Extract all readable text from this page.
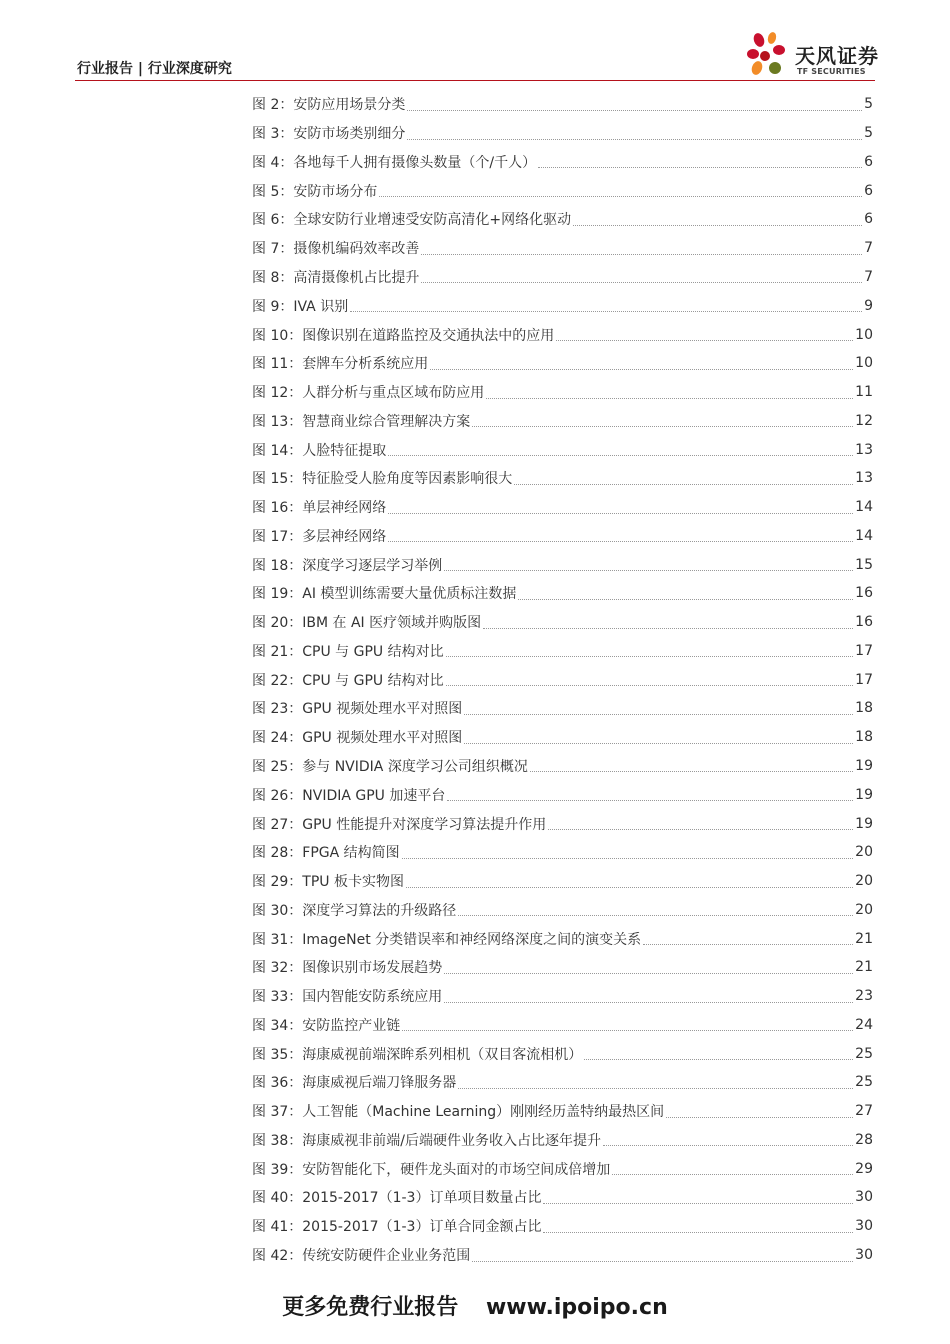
行业报告 | 行业深度研究
天风证券
TF SECURITIES
图 2：安防应用场景分类	5
图 3：安防市场类别细分	5
图 4：各地每千人拥有摄像头数量（个/千人）	6
图 5：安防市场分布	6
图 6：全球安防行业增速受安防高清化+网络化驱动	6
图 7：摄像机编码效率改善	7
图 8：高清摄像机占比提升	7
图 9：IVA 识别	9
图 10：图像识别在道路监控及交通执法中的应用	10
图 11：套牌车分析系统应用	10
图 12：人群分析与重点区域布防应用	11
图 13：智慧商业综合管理解决方案	12
图 14：人脸特征提取	13
图 15：特征脸受人脸角度等因素影响很大	13
图 16：单层神经网络	14
图 17：多层神经网络	14
图 18：深度学习逐层学习举例	15
图 19：AI 模型训练需要大量优质标注数据	16
图 20：IBM 在 AI 医疗领域并购版图	16
图 21：CPU 与 GPU 结构对比	17
图 22：CPU 与 GPU 结构对比	17
图 23：GPU 视频处理水平对照图	18
图 24：GPU 视频处理水平对照图	18
图 25：参与 NVIDIA 深度学习公司组织概况	19
图 26：NVIDIA GPU 加速平台	19
图 27：GPU 性能提升对深度学习算法提升作用	19
图 28：FPGA 结构简图	20
图 29：TPU 板卡实物图	20
图 30：深度学习算法的升级路径	20
图 31：ImageNet 分类错误率和神经网络深度之间的演变关系	21
图 32：图像识别市场发展趋势	21
图 33：国内智能安防系统应用	23
图 34：安防监控产业链	24
图 35：海康威视前端深眸系列相机（双目客流相机）	25
图 36：海康威视后端刀锋服务器	25
图 37：人工智能（Machine Learning）刚刚经历盖特纳最热区间	27
图 38：海康威视非前端/后端硬件业务收入占比逐年提升	28
图 39：安防智能化下，硬件龙头面对的市场空间成倍增加	29
图 40：2015-2017（1-3）订单项目数量占比	30
图 41：2015-2017（1-3）订单合同金额占比	30
图 42：传统安防硬件企业业务范围	30
更多免费行业报告 www.ipoipo.cn
